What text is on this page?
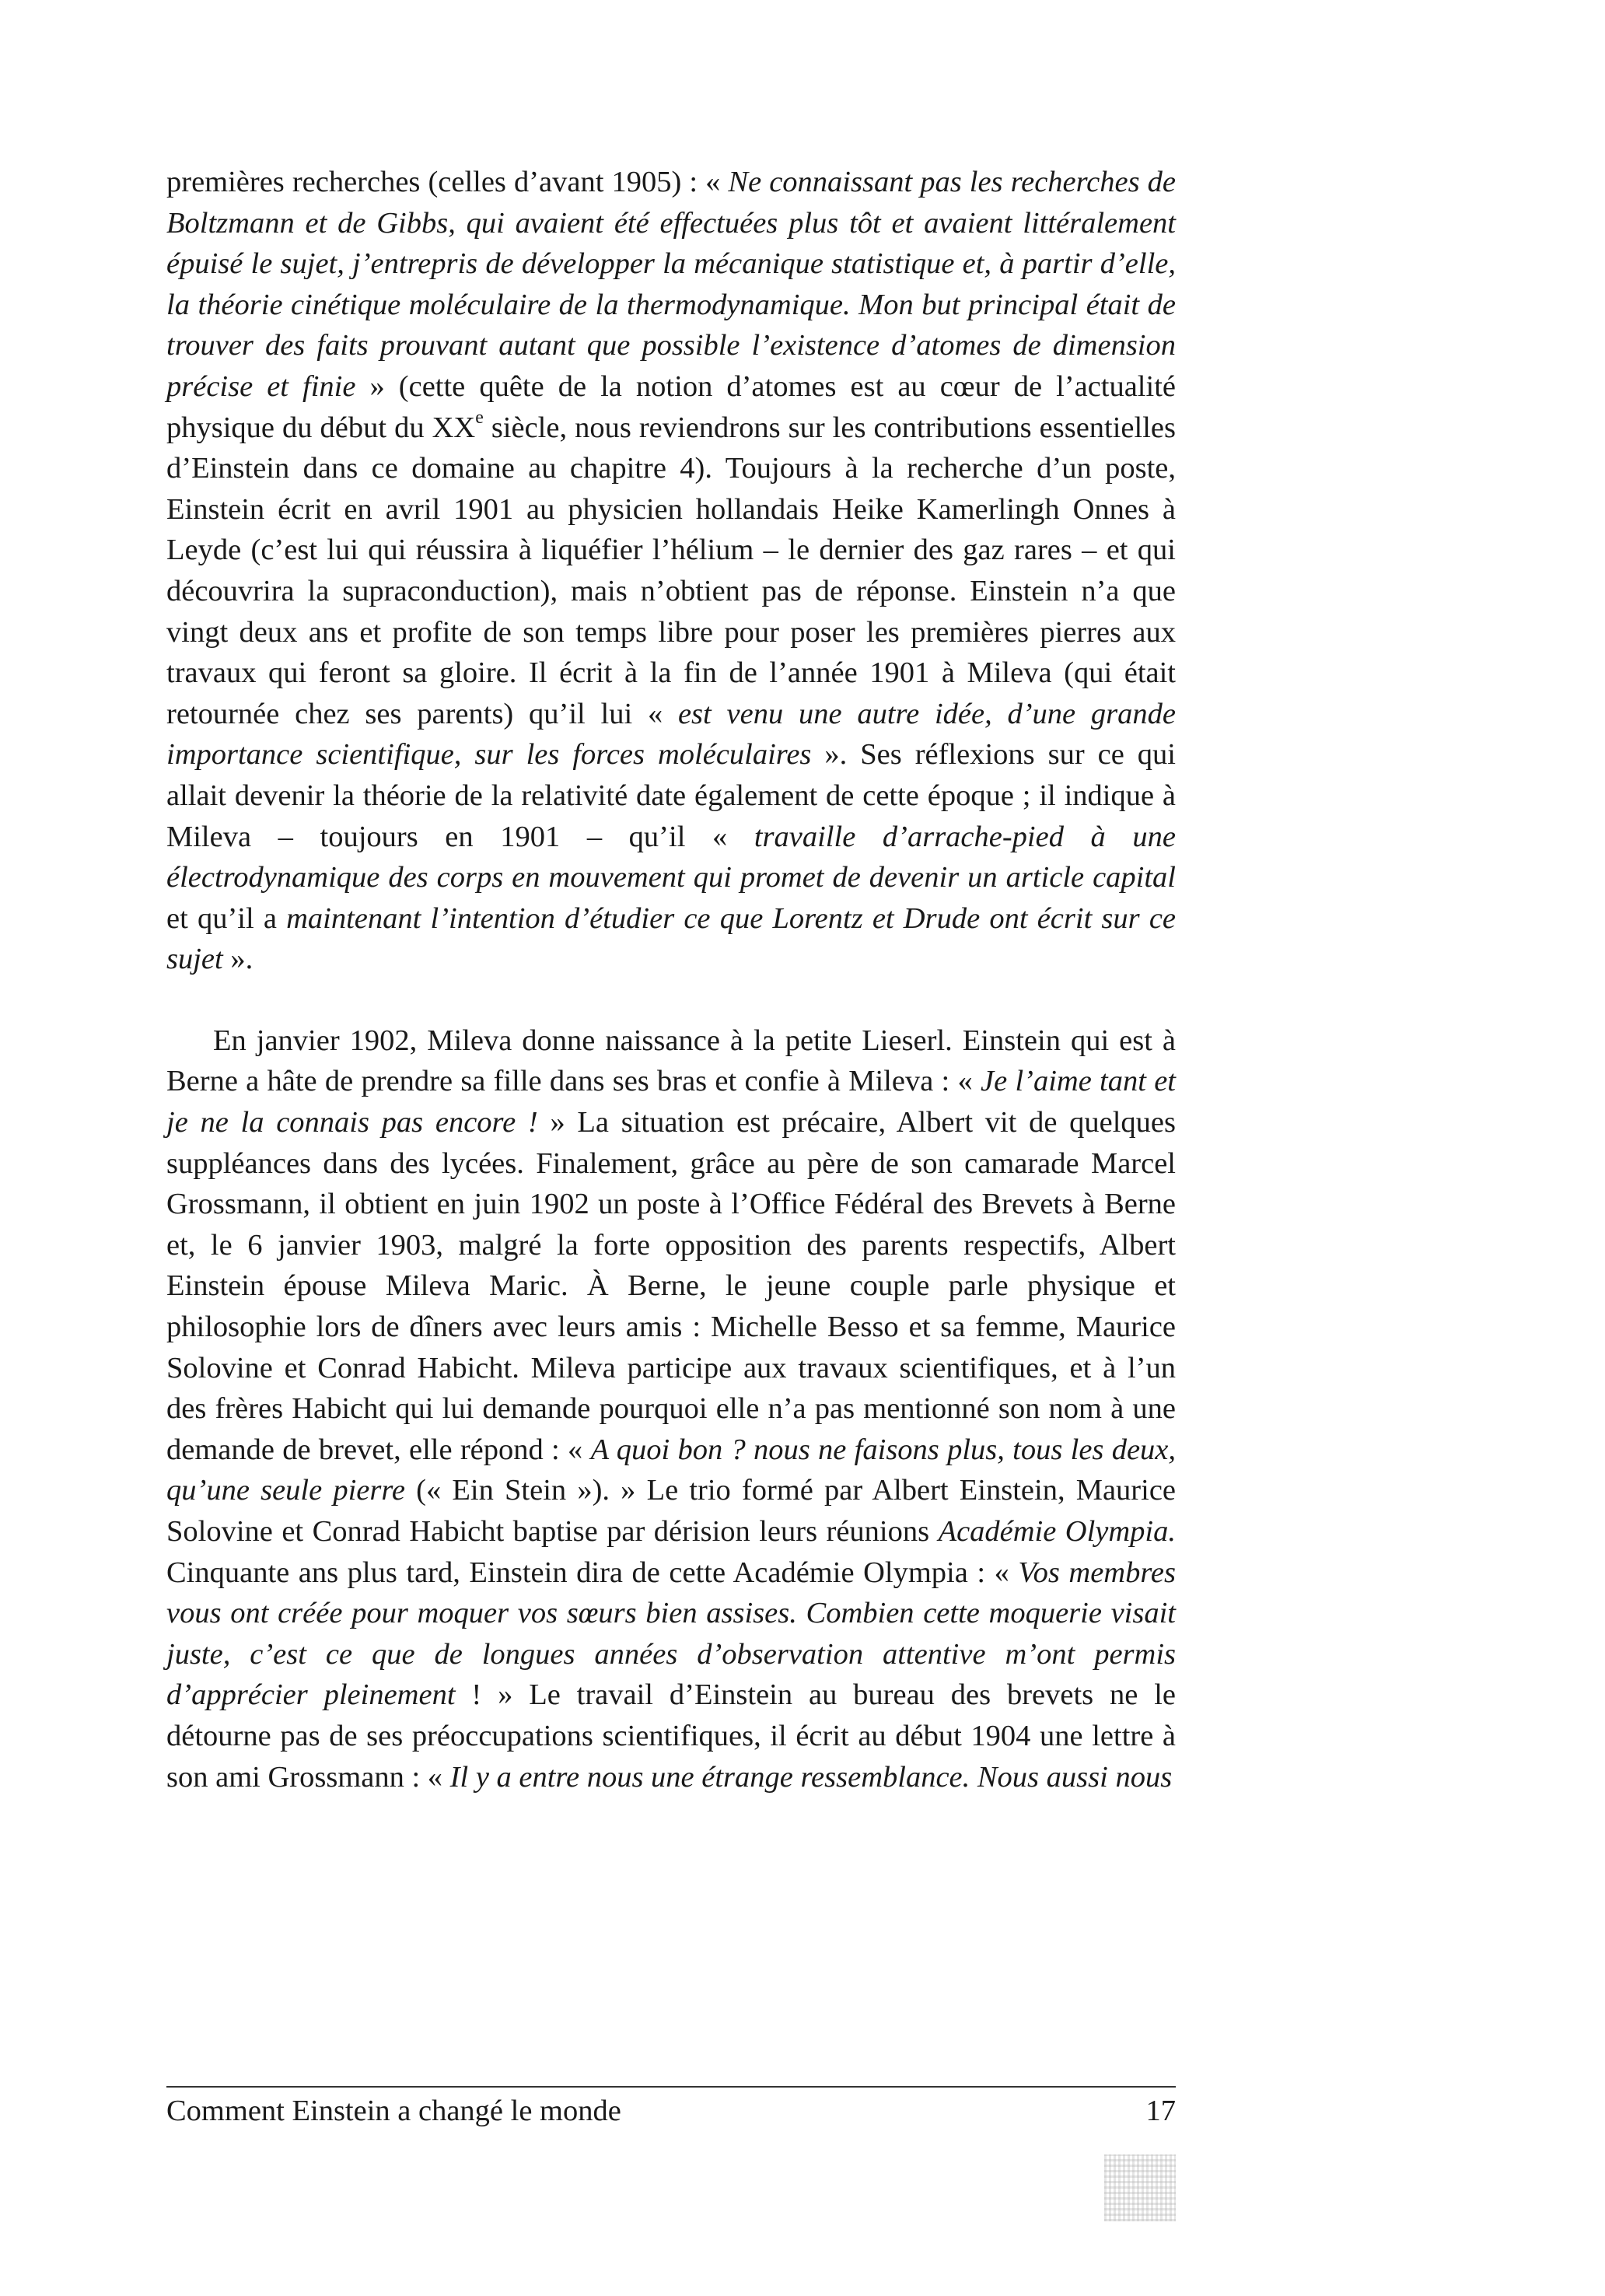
premières recherches (celles d’avant 1905) : « Ne connaissant pas les recherches de Boltzmann et de Gibbs, qui avaient été effectuées plus tôt et avaient littéralement épuisé le sujet, j’entrepris de développer la mécanique statistique et, à partir d’elle, la théorie cinétique moléculaire de la thermodynamique. Mon but principal était de trouver des faits prouvant autant que possible l’existence d’atomes de dimension précise et finie » (cette quête de la notion d’atomes est au cœur de l’actualité physique du début du XXe siècle, nous reviendrons sur les contributions essentielles d’Einstein dans ce domaine au chapitre 4). Toujours à la recherche d’un poste, Einstein écrit en avril 1901 au physicien hollandais Heike Kamerlingh Onnes à Leyde (c’est lui qui réussira à liquéfier l’hélium – le dernier des gaz rares – et qui découvrira la supraconduction), mais n’obtient pas de réponse. Einstein n’a que vingt deux ans et profite de son temps libre pour poser les premières pierres aux travaux qui feront sa gloire. Il écrit à la fin de l’année 1901 à Mileva (qui était retournée chez ses parents) qu’il lui « est venu une autre idée, d’une grande importance scientifique, sur les forces moléculaires ». Ses réflexions sur ce qui allait devenir la théorie de la relativité date également de cette époque ; il indique à Mileva – toujours en 1901 – qu’il « travaille d’arrache-pied à une électrodynamique des corps en mouvement qui promet de devenir un article capital et qu’il a maintenant l’intention d’étudier ce que Lorentz et Drude ont écrit sur ce sujet ».

En janvier 1902, Mileva donne naissance à la petite Lieserl. Einstein qui est à Berne a hâte de prendre sa fille dans ses bras et confie à Mileva : « Je l’aime tant et je ne la connais pas encore ! » La situation est précaire, Albert vit de quelques suppléances dans des lycées. Finalement, grâce au père de son camarade Marcel Grossmann, il obtient en juin 1902 un poste à l’Office Fédéral des Brevets à Berne et, le 6 janvier 1903, malgré la forte opposition des parents respectifs, Albert Einstein épouse Mileva Maric. À Berne, le jeune couple parle physique et philosophie lors de dîners avec leurs amis : Michelle Besso et sa femme, Maurice Solovine et Conrad Habicht. Mileva participe aux travaux scientifiques, et à l’un des frères Habicht qui lui demande pourquoi elle n’a pas mentionné son nom à une demande de brevet, elle répond : « A quoi bon ? nous ne faisons plus, tous les deux, qu’une seule pierre (« Ein Stein »). » Le trio formé par Albert Einstein, Maurice Solovine et Conrad Habicht baptise par dérision leurs réunions Académie Olympia. Cinquante ans plus tard, Einstein dira de cette Académie Olympia : « Vos membres vous ont créée pour moquer vos sœurs bien assises. Combien cette moquerie visait juste, c’est ce que de longues années d’observation attentive m’ont permis d’apprécier pleinement ! » Le travail d’Einstein au bureau des brevets ne le détourne pas de ses préoccupations scientifiques, il écrit au début 1904 une lettre à son ami Grossmann : « Il y a entre nous une étrange ressemblance. Nous aussi nous

Comment Einstein a changé le monde	17
